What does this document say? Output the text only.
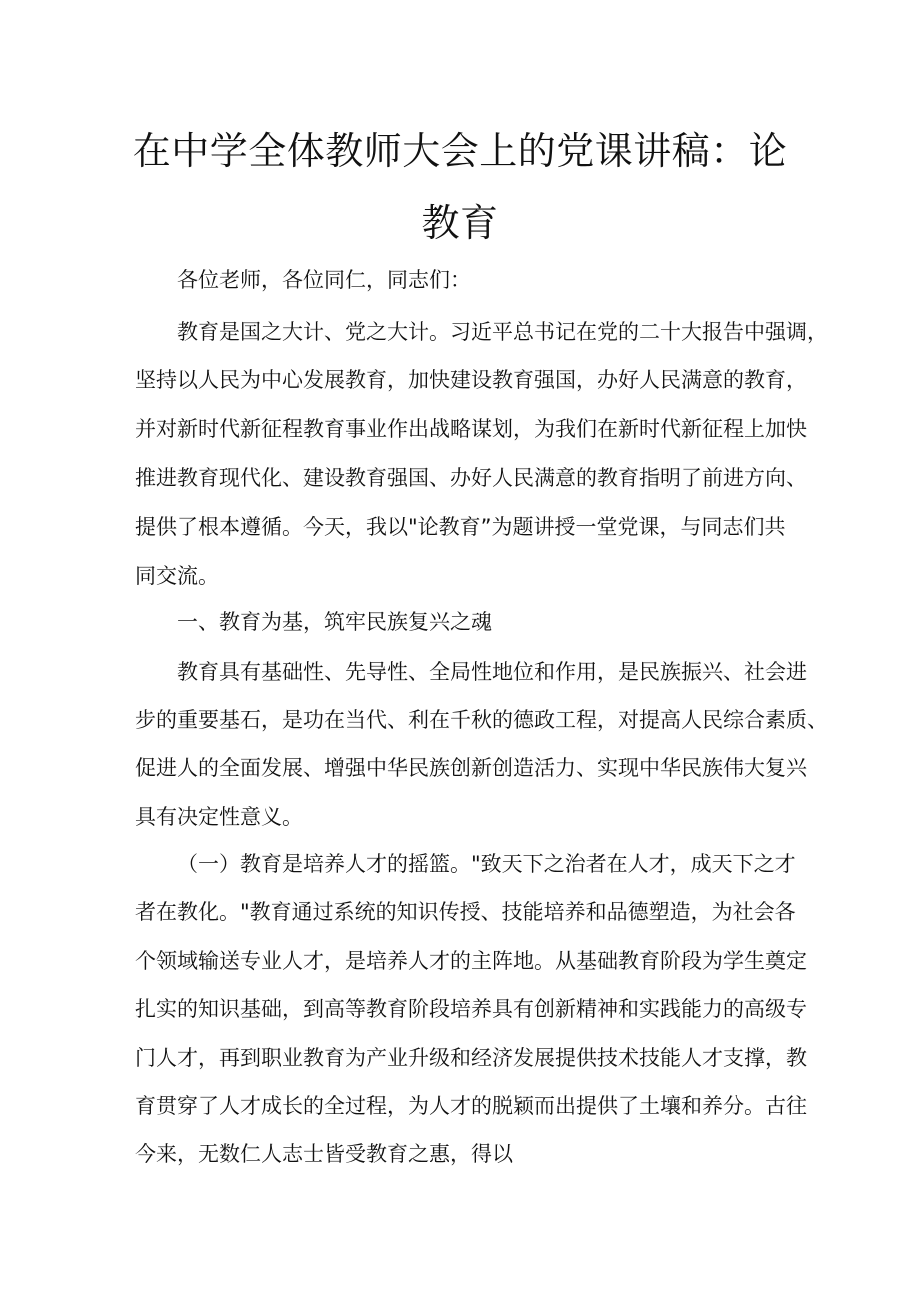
在中学全体教师大会上的党课讲稿：论
教育

各位老师，各位同仁，同志们：

教育是国之大计、党之大计。习近平总书记在党的二十大报告中强调，

坚持以人民为中心发展教育，加快建设教育强国，办好人民满意的教育，

并对新时代新征程教育事业作出战略谋划，为我们在新时代新征程上加快

推进教育现代化、建设教育强国、办好人民满意的教育指明了前进方向、

提供了根本遵循。今天，我以"论教育”为题讲授一堂党课，与同志们共

同交流。

一、教育为基，筑牢民族复兴之魂

教育具有基础性、先导性、全局性地位和作用，是民族振兴、社会进

步的重要基石，是功在当代、利在千秋的德政工程，对提高人民综合素质、

促进人的全面发展、增强中华民族创新创造活力、实现中华民族伟大复兴

具有决定性意义。

（一）教育是培养人才的摇篮。"致天下之治者在人才，成天下之才

者在教化。"教育通过系统的知识传授、技能培养和品德塑造，为社会各

个领域输送专业人才，是培养人才的主阵地。从基础教育阶段为学生奠定

扎实的知识基础，到高等教育阶段培养具有创新精神和实践能力的高级专

门人才，再到职业教育为产业升级和经济发展提供技术技能人才支撑，教

育贯穿了人才成长的全过程，为人才的脱颖而出提供了土壤和养分。古往

今来，无数仁人志士皆受教育之惠，得以
